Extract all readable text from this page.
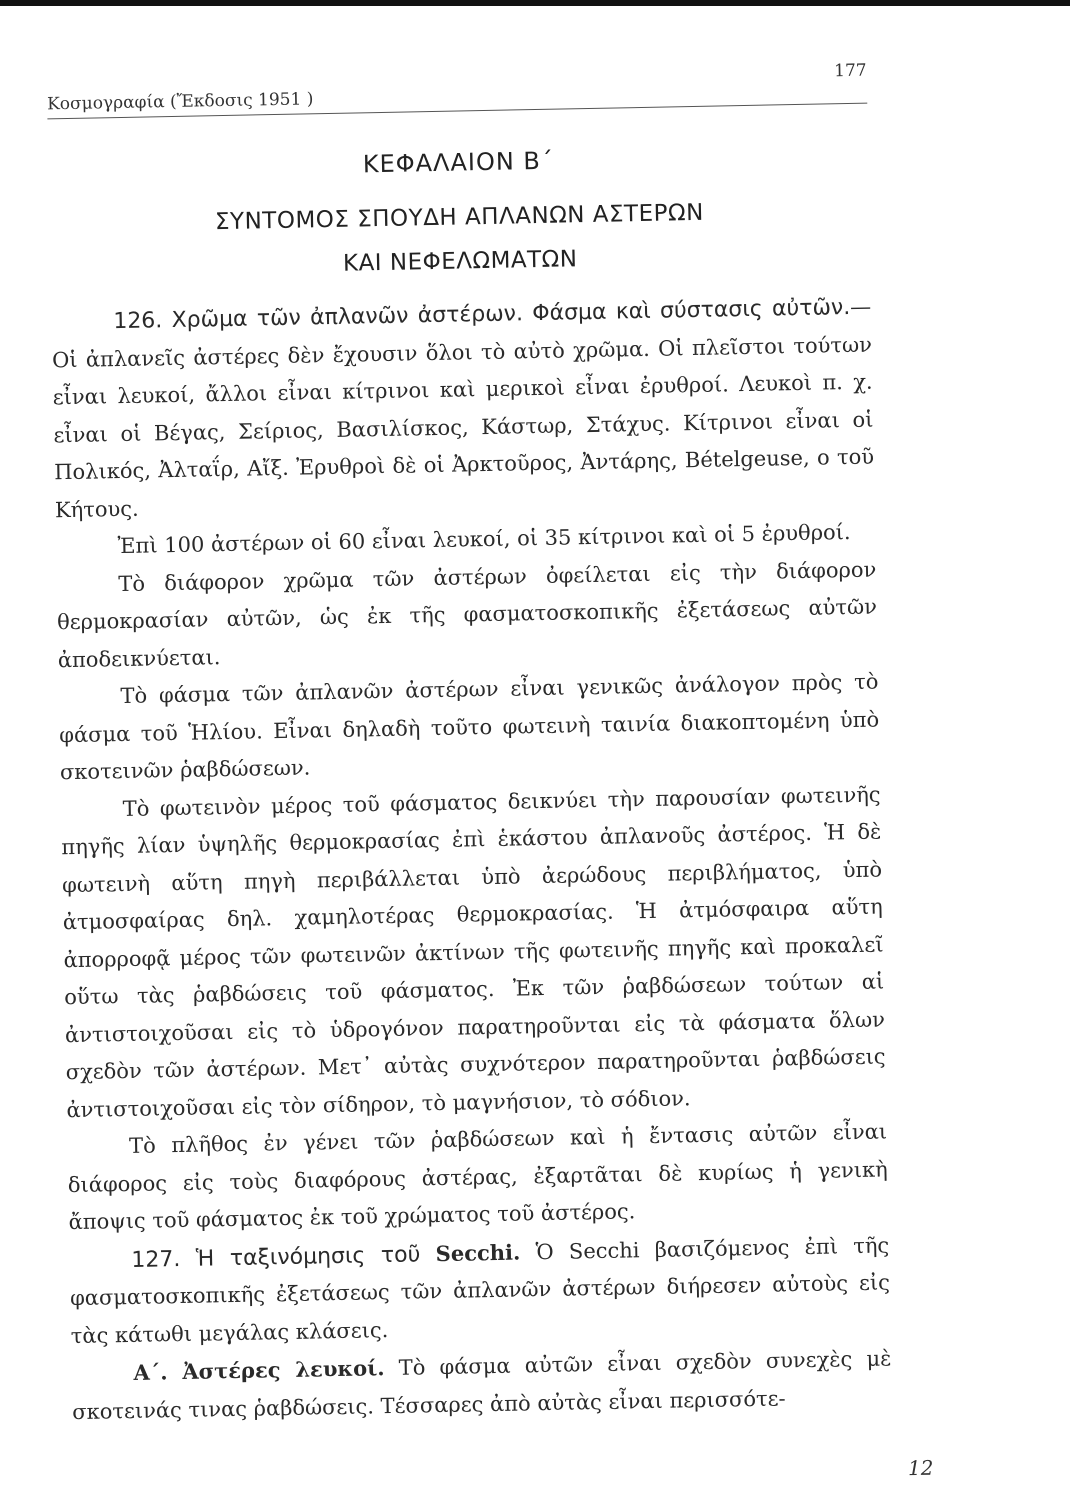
Κοσμογραφία (Ἔκδοσις 1951 )
177
ΚΕΦΑΛΑΙΟΝ Β΄
ΣΥΝΤΟΜΟΣ ΣΠΟΥΔΗ ΑΠΛΑΝΩΝ ΑΣΤΕΡΩΝ
ΚΑΙ ΝΕΦΕΛΩΜΑΤΩΝ

126. Χρῶμα τῶν ἀπλανῶν ἀστέρων. Φάσμα καὶ σύστασις αὐτῶν.—Οἱ ἀπλανεῖς ἀστέρες δὲν ἔχουσιν ὅλοι τὸ αὐτὸ χρῶμα. Οἱ πλεῖστοι τούτων εἶναι λευκοί, ἄλλοι εἶναι κίτρινοι καὶ μερικοὶ εἶναι ἐρυθροί. Λευκοὶ π. χ. εἶναι οἱ Βέγας, Σείριος, Βασιλίσκος, Κάστωρ, Στάχυς. Κίτρινοι εἶναι οἱ Πολικός, Ἀλταΐρ, Αἴξ. Ἐρυθροὶ δὲ οἱ Ἀρκτοῦρος, Ἀντάρης, Bételgeuse, ο τοῦ Κήτους.

Ἐπὶ 100 ἀστέρων οἱ 60 εἶναι λευκοί, οἱ 35 κίτρινοι καὶ οἱ 5 ἐρυθροί.

Τὸ διάφορον χρῶμα τῶν ἀστέρων ὀφείλεται εἰς τὴν διάφορον θερμοκρασίαν αὐτῶν, ὡς ἐκ τῆς φασματοσκοπικῆς ἐξετάσεως αὐτῶν ἀποδεικνύεται.

Τὸ φάσμα τῶν ἀπλανῶν ἀστέρων εἶναι γενικῶς ἀνάλογον πρὸς τὸ φάσμα τοῦ Ἡλίου. Εἶναι δηλαδὴ τοῦτο φωτεινὴ ταινία διακοπτομένη ὑπὸ σκοτεινῶν ῥαβδώσεων.

Τὸ φωτεινὸν μέρος τοῦ φάσματος δεικνύει τὴν παρουσίαν φωτεινῆς πηγῆς λίαν ὑψηλῆς θερμοκρασίας ἐπὶ ἑκάστου ἀπλανοῦς ἀστέρος. Ἡ δὲ φωτεινὴ αὕτη πηγὴ περιβάλλεται ὑπὸ ἀερώδους περιβλήματος, ὑπὸ ἀτμοσφαίρας δηλ. χαμηλοτέρας θερμοκρασίας. Ἡ ἀτμόσφαιρα αὕτη ἀπορροφᾷ μέρος τῶν φωτεινῶν ἀκτίνων τῆς φωτεινῆς πηγῆς καὶ προκαλεῖ οὕτω τὰς ῥαβδώσεις τοῦ φάσματος. Ἐκ τῶν ῥαβδώσεων τούτων αἱ ἀντιστοιχοῦσαι εἰς τὸ ὑδρογόνον παρατηροῦνται εἰς τὰ φάσματα ὅλων σχεδὸν τῶν ἀστέρων. Μετ᾽ αὐτὰς συχνότερον παρατηροῦνται ῥαβδώσεις ἀντιστοιχοῦσαι εἰς τὸν σίδηρον, τὸ μαγνήσιον, τὸ σόδιον.

Τὸ πλῆθος ἐν γένει τῶν ῥαβδώσεων καὶ ἡ ἔντασις αὐτῶν εἶναι διάφορος εἰς τοὺς διαφόρους ἀστέρας, ἐξαρτᾶται δὲ κυρίως ἡ γενικὴ ἄποψις τοῦ φάσματος ἐκ τοῦ χρώματος τοῦ ἀστέρος.

127. Ἡ ταξινόμησις τοῦ Secchi. Ὁ Secchi βασιζόμενος ἐπὶ τῆς φασματοσκοπικῆς ἐξετάσεως τῶν ἀπλανῶν ἀστέρων διήρεσεν αὐτοὺς εἰς τὰς κάτωθι μεγάλας κλάσεις.

Α΄. Ἀστέρες λευκοί. Τὸ φάσμα αὐτῶν εἶναι σχεδὸν συνεχὲς μὲ σκοτεινάς τινας ῥαβδώσεις. Τέσσαρες ἀπὸ αὐτὰς εἶναι περισσότε-

12
